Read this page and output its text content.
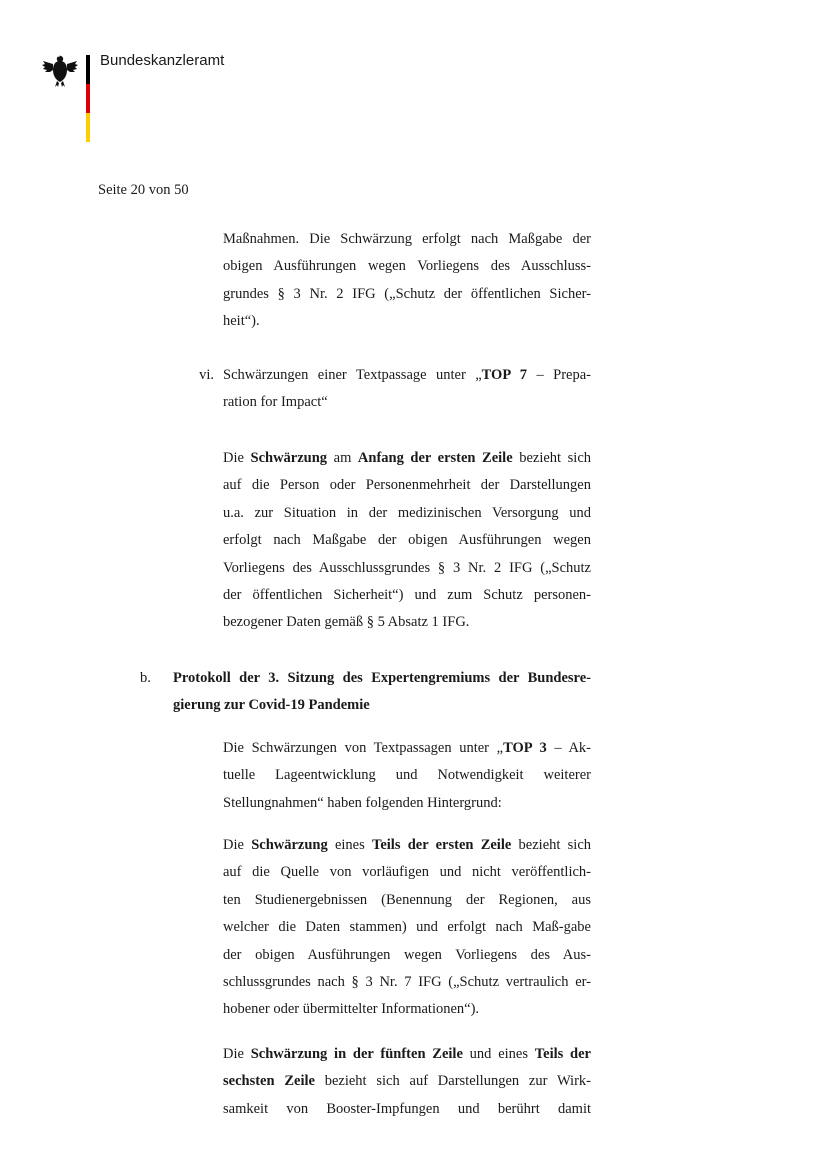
Bundeskanzleramt
Seite 20 von 50
Maßnahmen. Die Schwärzung erfolgt nach Maßgabe der
obigen Ausführungen wegen Vorliegens des Ausschluss-
grundes § 3 Nr. 2 IFG („Schutz der öffentlichen Sicher-
heit“).
vi. Schwärzungen einer Textpassage unter „TOP 7 – Prepa-
ration for Impact“
Die Schwärzung am Anfang der ersten Zeile bezieht sich
auf die Person oder Personenmehrheit der Darstellungen
u.a. zur Situation in der medizinischen Versorgung und
erfolgt nach Maßgabe der obigen Ausführungen wegen
Vorliegens des Ausschlussgrundes § 3 Nr. 2 IFG („Schutz
der öffentlichen Sicherheit“) und zum Schutz personen-
bezogener Daten gemäß § 5 Absatz 1 IFG.
b.	Protokoll der 3. Sitzung des Expertengremiums der Bundesre-
gierung zur Covid-19 Pandemie
Die Schwärzungen von Textpassagen unter „TOP 3 – Ak-
tuelle Lageentwicklung und Notwendigkeit weiterer
Stellungnahmen“ haben folgenden Hintergrund:
Die Schwärzung eines Teils der ersten Zeile bezieht sich
auf die Quelle von vorläufigen und nicht veröffentlich-
ten Studienergebnissen (Benennung der Regionen, aus
welcher die Daten stammen) und erfolgt nach Maß-gabe
der obigen Ausführungen wegen Vorliegens des Aus-
schlussgrundes nach § 3 Nr. 7 IFG („Schutz vertraulich er-
hobener oder übermittelter Informationen“).
Die Schwärzung in der fünften Zeile und eines Teils der
sechsten Zeile bezieht sich auf Darstellungen zur Wirk-
samkeit von Booster-Impfungen und berührt damit
